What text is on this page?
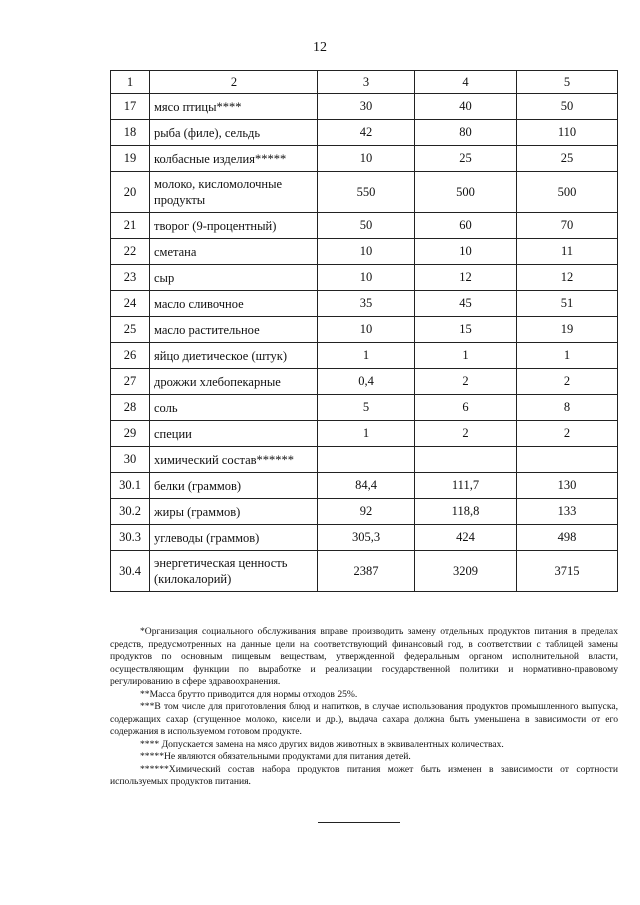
12
1	2	3	4	5
17	мясо птицы****	30	40	50
18	рыба (филе), сельдь	42	80	110
19	колбасные изделия*****	10	25	25
20	молоко, кисломолочные продукты	550	500	500
21	творог (9-процентный)	50	60	70
22	сметана	10	10	11
23	сыр	10	12	12
24	масло сливочное	35	45	51
25	масло растительное	10	15	19
26	яйцо диетическое (штук)	1	1	1
27	дрожжи хлебопекарные	0,4	2	2
28	соль	5	6	8
29	специи	1	2	2
30	химический состав******			
30.1	белки (граммов)	84,4	111,7	130
30.2	жиры (граммов)	92	118,8	133
30.3	углеводы (граммов)	305,3	424	498
30.4	энергетическая ценность (килокалорий)	2387	3209	3715

*Организация социального обслуживания вправе производить замену отдельных продуктов питания в пределах средств, предусмотренных на данные цели на соответствующий финансовый год, в соответствии с таблицей замены продуктов по основным пищевым веществам, утвержденной федеральным органом исполнительной власти, осуществляющим функции по выработке и реализации государственной политики и нормативно-правовому регулированию в сфере здравоохранения.

**Масса брутто приводится для нормы отходов 25%.

***В том числе для приготовления блюд и напитков, в случае использования продуктов промышленного выпуска, содержащих сахар (сгущенное молоко, кисели и др.), выдача сахара должна быть уменьшена в зависимости от его содержания в используемом готовом продукте.

**** Допускается замена на мясо других видов животных в эквивалентных количествах.

*****Не являются обязательными продуктами для питания детей.

******Химический состав набора продуктов питания может быть изменен в зависимости от сортности используемых продуктов питания.
